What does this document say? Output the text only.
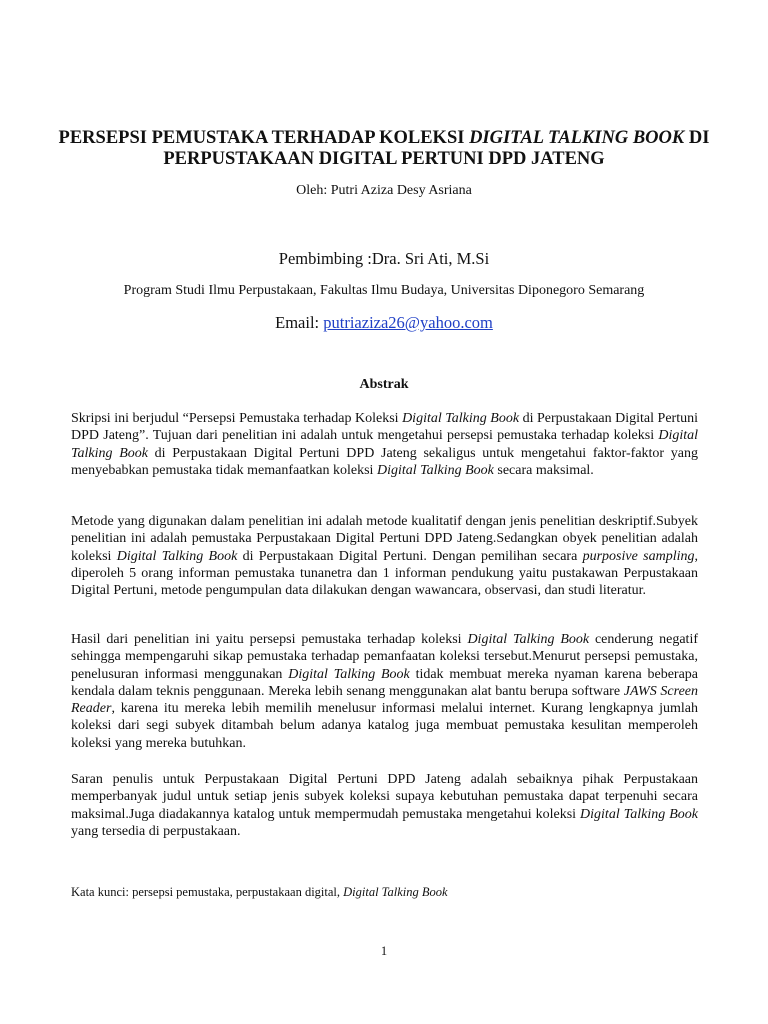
PERSEPSI PEMUSTAKA TERHADAP KOLEKSI DIGITAL TALKING BOOK DI
PERPUSTAKAAN DIGITAL PERTUNI DPD JATENG

Oleh: Putri Aziza Desy Asriana

Pembimbing :Dra. Sri Ati, M.Si

Program Studi Ilmu Perpustakaan, Fakultas Ilmu Budaya, Universitas Diponegoro Semarang

Email: putriaziza26@yahoo.com

Abstrak

Skripsi ini berjudul “Persepsi Pemustaka terhadap Koleksi Digital Talking Book di Perpustakaan Digital Pertuni DPD Jateng”. Tujuan dari penelitian ini adalah untuk mengetahui persepsi pemustaka terhadap koleksi Digital Talking Book di Perpustakaan Digital Pertuni DPD Jateng sekaligus untuk mengetahui faktor-faktor yang menyebabkan pemustaka tidak memanfaatkan koleksi Digital Talking Book secara maksimal.

Metode yang digunakan dalam penelitian ini adalah metode kualitatif dengan jenis penelitian deskriptif.Subyek penelitian ini adalah pemustaka Perpustakaan Digital Pertuni DPD Jateng.Sedangkan obyek penelitian adalah koleksi Digital Talking Book di Perpustakaan Digital Pertuni. Dengan pemilihan secara purposive sampling, diperoleh 5 orang informan pemustaka tunanetra dan 1 informan pendukung yaitu pustakawan Perpustakaan Digital Pertuni, metode pengumpulan data dilakukan dengan wawancara, observasi, dan studi literatur.

Hasil dari penelitian ini yaitu persepsi pemustaka terhadap koleksi Digital Talking Book cenderung negatif sehingga mempengaruhi sikap pemustaka terhadap pemanfaatan koleksi tersebut.Menurut persepsi pemustaka, penelusuran informasi menggunakan Digital Talking Book tidak membuat mereka nyaman karena beberapa kendala dalam teknis penggunaan. Mereka lebih senang menggunakan alat bantu berupa software JAWS Screen Reader, karena itu mereka lebih memilih menelusur informasi melalui internet. Kurang lengkapnya jumlah koleksi dari segi subyek ditambah belum adanya katalog juga membuat pemustaka kesulitan memperoleh koleksi yang mereka butuhkan.

Saran penulis untuk Perpustakaan Digital Pertuni DPD Jateng adalah sebaiknya pihak Perpustakaan memperbanyak judul untuk setiap jenis subyek koleksi supaya kebutuhan pemustaka dapat terpenuhi secara maksimal.Juga diadakannya katalog untuk mempermudah pemustaka mengetahui koleksi Digital Talking Book yang tersedia di perpustakaan.

Kata kunci: persepsi pemustaka, perpustakaan digital, Digital Talking Book

1
